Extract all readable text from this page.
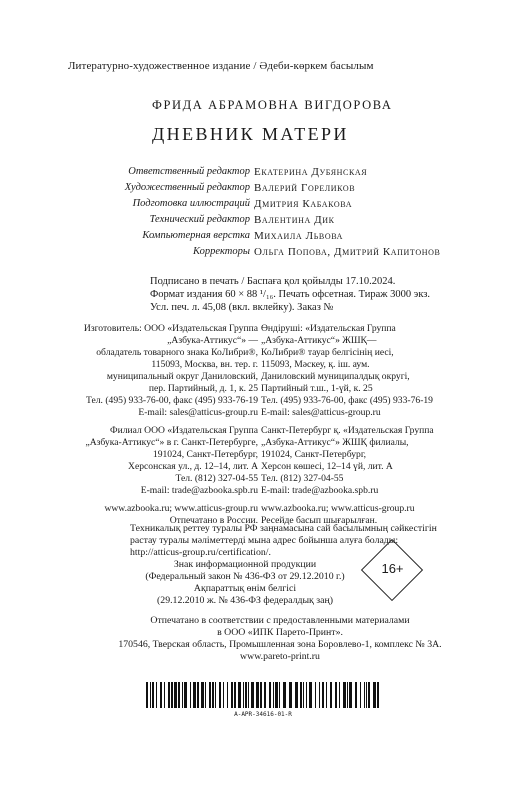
Литературно-художественное издание / Әдеби-көркем басылым
ФРИДА АБРАМОВНА ВИГДОРОВА
ДНЕВНИК МАТЕРИ
Ответственный редактор Екатерина Дубянская
Художественный редактор Валерий Гореликов
Подготовка иллюстраций Дмитрия Кабакова
Технический редактор Валентина Дик
Компьютерная верстка Михаила Львова
Корректоры Ольга Попова, Дмитрий Капитонов
Подписано в печать / Баспаға қол қойылды 17.10.2024.
Формат издания 60 × 88 ¹/₁₆. Печать офсетная. Тираж 3000 экз.
Усл. печ. л. 45,08 (вкл. вклейку). Заказ №
Изготовитель: ООО «Издательская Группа
„Азбука-Аттикус“» —
обладатель товарного знака КоЛибри®,
115093, Москва, вн. тер. г.
муниципальный округ Даниловский,
пер. Партийный, д. 1, к. 25
Тел. (495) 933-76-00, факс (495) 933-76-19
E-mail: sales@atticus-group.ru
Филиал ООО «Издательская Группа
„Азбука-Аттикус“» в г. Санкт-Петербурге,
191024, Санкт-Петербург,
Херсонская ул., д. 12–14, лит. А
Тел. (812) 327-04-55
E-mail: trade@azbooka.spb.ru
www.azbooka.ru; www.atticus-group.ru
Отпечатано в России.
Өндіруші: «Издательская Группа
„Азбука-Аттикус“» ЖШҚ—
КоЛибри® тауар белгісінің иесі,
115093, Мәскеу, қ. іш. аум.
Даниловский муниципалдық округі,
Партийный т.ш., 1-үй, к. 25
Тел. (495) 933-76-00, факс (495) 933-76-19
E-mail: sales@atticus-group.ru
Санкт-Петербург қ. «Издательская Группа
„Азбука-Аттикус“» ЖШҚ филиалы,
191024, Санкт-Петербург,
Херсон көшесі, 12–14 үй, лит. А
Тел. (812) 327-04-55
E-mail: trade@azbooka.spb.ru
www.azbooka.ru; www.atticus-group.ru
Ресейде басып шығарылған.
Техникалық реттеу туралы РФ заңнамасына сай басылымның сәйкестігін
растау туралы мәліметтерді мына адрес бойынша алуға болады:
http://atticus-group.ru/certification/.
Знак информационной продукции
(Федеральный закон № 436-ФЗ от 29.12.2010 г.)
Ақпараттық өнім белгісі
(29.12.2010 ж. № 436-ФЗ федералдық заң)
16+
Отпечатано в соответствии с предоставленными материалами
в ООО «ИПК Парето-Принт».
170546, Тверская область, Промышленная зона Боровлево-1, комплекс № 3А.
www.pareto-print.ru
A-APR-34616-01-R
